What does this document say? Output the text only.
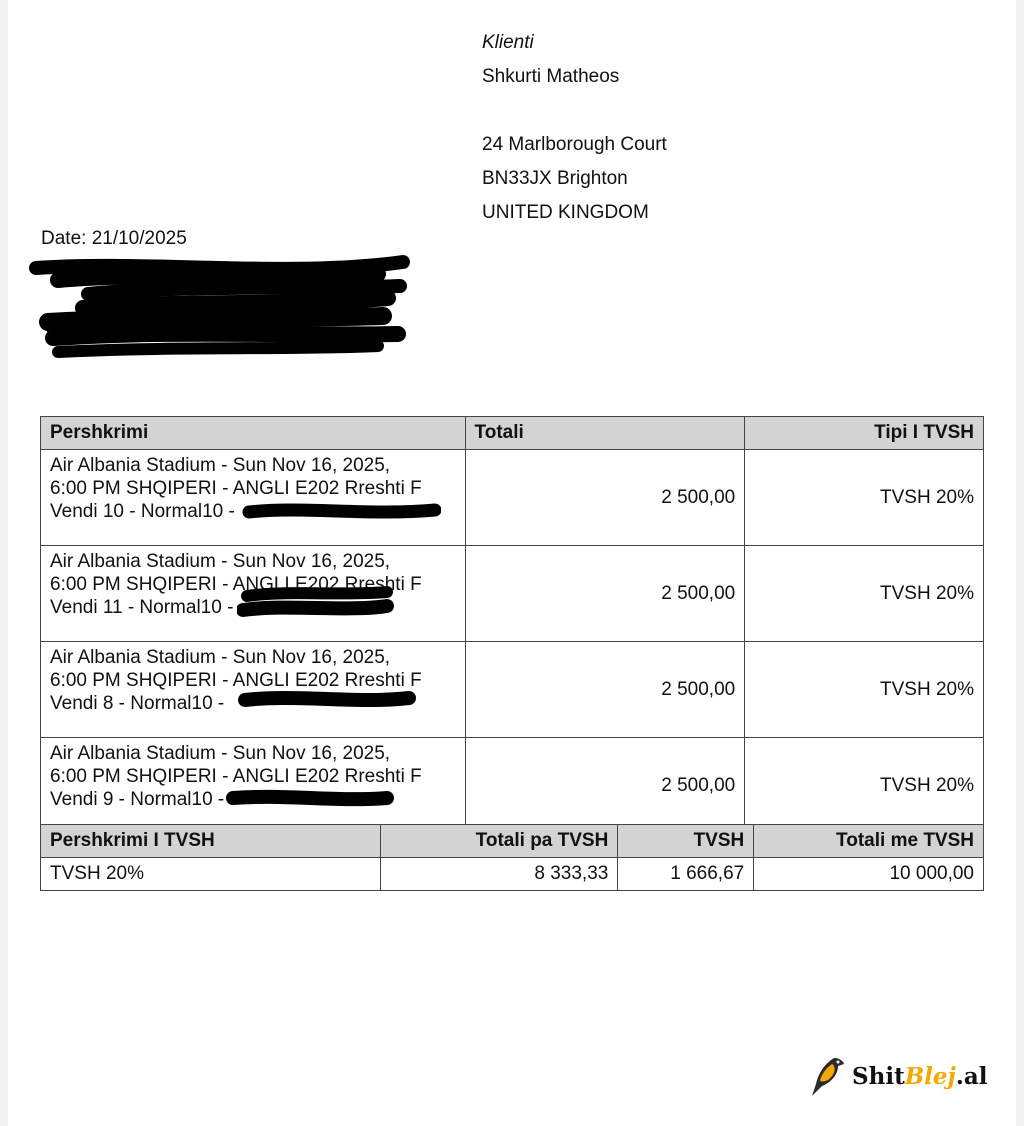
Klienti
Shkurti Matheos
24 Marlborough Court
BN33JX Brighton
UNITED KINGDOM
Date: 21/10/2025
Ti
Pershkrimi	Totali	Tipi I TVSH

Air Albania Stadium - Sun Nov 16, 2025,
6:00 PM SHQIPERI - ANGLI E202 Rreshti F
Vendi 10 - Normal10 -	2 500,00	TVSH 20%

Air Albania Stadium - Sun Nov 16, 2025,
6:00 PM SHQIPERI - ANGLI E202 Rreshti F
Vendi 11 - Normal10 -	2 500,00	TVSH 20%

Air Albania Stadium - Sun Nov 16, 2025,
6:00 PM SHQIPERI - ANGLI E202 Rreshti F
Vendi 8 - Normal10 -	2 500,00	TVSH 20%

Air Albania Stadium - Sun Nov 16, 2025,
6:00 PM SHQIPERI - ANGLI E202 Rreshti F
Vendi 9 - Normal10 -	2 500,00	TVSH 20%
Pershkrimi I TVSH	Totali pa TVSH	TVSH	Totali me TVSH
TVSH 20%	8 333,33	1 666,67	10 000,00
ShitBlej.al
